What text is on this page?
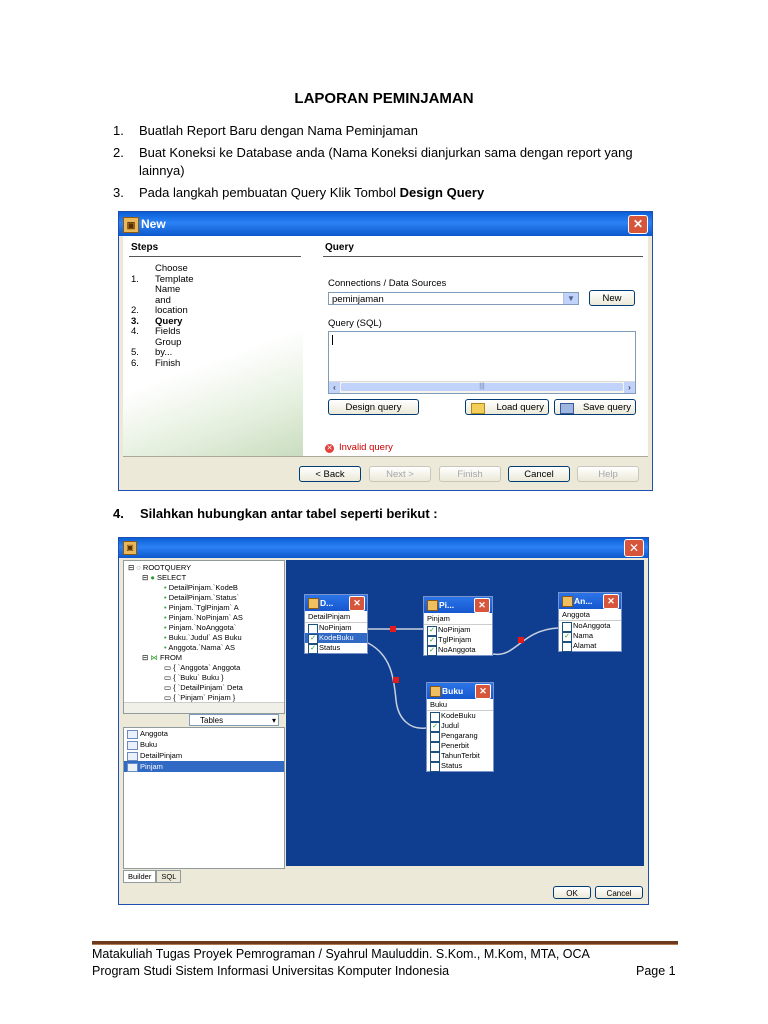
LAPORAN PEMINJAMAN
1. Buatlah Report Baru dengan Nama Peminjaman
2.	Buat Koneksi ke Database anda (Nama Koneksi dianjurkan sama dengan report yang lainnya)
3. Pada langkah pembuatan Query Klik Tombol Design Query
▣ New	✕
Steps
1.Choose Template
2.Name and location
3. Query
4. Fields
5.Group by...
6. Finish
Query
Connections / Data Sources
peminjaman	▼	New
Query (SQL)
‹	|||	›
Design query	Load query	Save query
✕ Invalid query
< Back	Next >	Finish	Cancel	Help
4. Silahkan hubungkan antar tabel seperti berikut :
▣	✕
⊟ ◌ ROOTQUERY
⊟ ● SELECT
• DetailPinjam.`KodeB
• DetailPinjam.`Status`
• Pinjam.`TglPinjam` A
• Pinjam.`NoPinjam` AS
• Pinjam.`NoAnggota`
• Buku.`Judul` AS Buku
• Anggota.`Nama` AS
⊟ ⋈ FROM
▭ { `Anggota` Anggota
▭ { `Buku` Buku }
▭ { `DetailPinjam` Deta
▭ { `Pinjam` Pinjam }
Tables	▾
Anggota
Buku
DetailPinjam
Pinjam
D...	✕
DetailPinjam
NoPinjam
✓ KodeBuku
✓ Status
Pi...	✕
Pinjam
✓ NoPinjam
✓ TglPinjam
✓ NoAnggota
An...	✕
Anggota
NoAnggota
✓ Nama
Alamat
Buku	✕
Buku
KodeBuku
✓ Judul
Pengarang
Penerbit
TahunTerbit
Status
Builder SQL
OK	Cancel
Matakuliah Tugas Proyek Pemrograman / Syahrul Mauluddin. S.Kom., M.Kom, MTA, OCA
Program Studi Sistem Informasi Universitas Komputer Indonesia	Page 1
